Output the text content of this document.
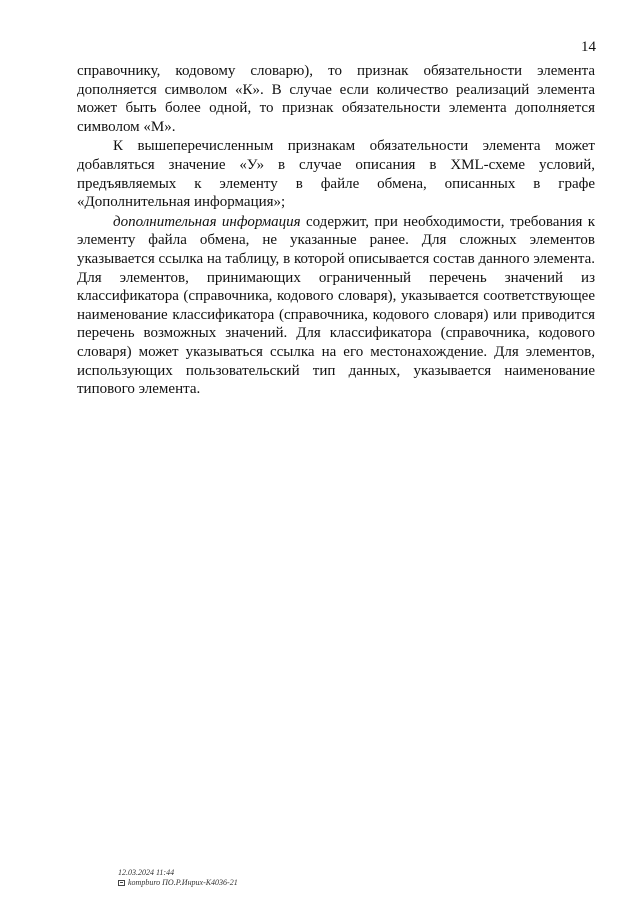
14

справочнику, кодовому словарю), то признак обязательности элемента дополняется символом «К». В случае если количество реализаций элемента может быть более одной, то признак обязательности элемента дополняется символом «М».

К вышеперечисленным признакам обязательности элемента может добавляться значение «У» в случае описания в XML-схеме условий, предъявляемых к элементу в файле обмена, описанных в графе «Дополнительная информация»;

дополнительная информация содержит, при необходимости, требования к элементу файла обмена, не указанные ранее. Для сложных элементов указывается ссылка на таблицу, в которой описывается состав данного элемента. Для элементов, принимающих ограниченный перечень значений из классификатора (справочника, кодового словаря), указывается соответствующее наименование классификатора (справочника, кодового словаря) или приводится перечень возможных значений. Для классификатора (справочника, кодового словаря) может указываться ссылка на его местонахождение. Для элементов, использующих пользовательский тип данных, указывается наименование типового элемента.

12.03.2024 11:44
kompburo ПО.Р.Инрих-К4036-21
